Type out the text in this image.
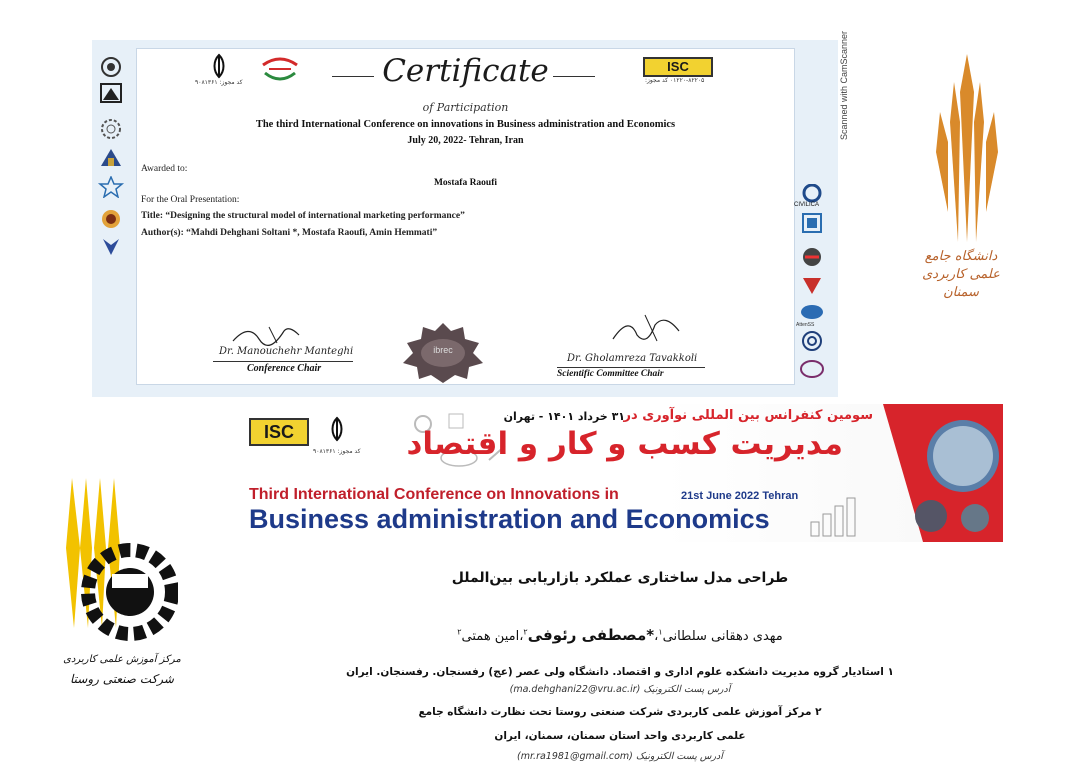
کد مجوز: ۹۰۸۱۳۶۱	Certificate	ISC
۰۱۲۲۰-۸۲۲۰۵ کد مجوز:
of Participation
The third International Conference on innovations in Business administration and Economics
July 20, 2022- Tehran, Iran
Awarded to:
Mostafa Raoufi
For the Oral Presentation:
Title: “Designing the structural model of international marketing performance”
Author(s): “Mahdi Dehghani Soltani *, Mostafa Raoufi, Amin Hemmati”
Dr. Manouchehr Manteghi
Conference Chair
ibrec
Dr. Gholamreza Tavakkoli
Scientific Committee Chair
CIVILICA
AttenSS
Scanned with CamScanner
دانشگاه جامع علمی کاربردی سمنان
ISC
کد مجوز: ۹۰۸۱۳۶۱
سومین کنفرانس بین المللی نوآوری در
۳۱ خرداد ۱۴۰۱ - تهران
مدیریت کسب و کار و اقتصاد
Third International Conference on Innovations in	21st June 2022 Tehran
Business administration and Economics
مرکز آموزش علمی کاربردی
شرکت صنعتی روستا
طراحی مدل ساختاری عملکرد بازاریابی بین‌الملل
مهدی دهقانی سلطانی$^۱$،*مصطفی رئوفی$^۲$،امین همتی$^۲$
۱ استادیار گروه مدیریت دانشکده علوم اداری و اقتصاد. دانشگاه ولی عصر (عج) رفسنجان. رفسنجان. ایران
آدرس پست الکترونیک (ma.dehghani22@vru.ac.ir)
۲ مرکز آموزش علمی کاربردی شرکت صنعتی روستا تحت نظارت دانشگاه جامع
علمی کاربردی واحد استان سمنان، سمنان، ایران
آدرس پست الکترونیک (mr.ra1981@gmail.com)
